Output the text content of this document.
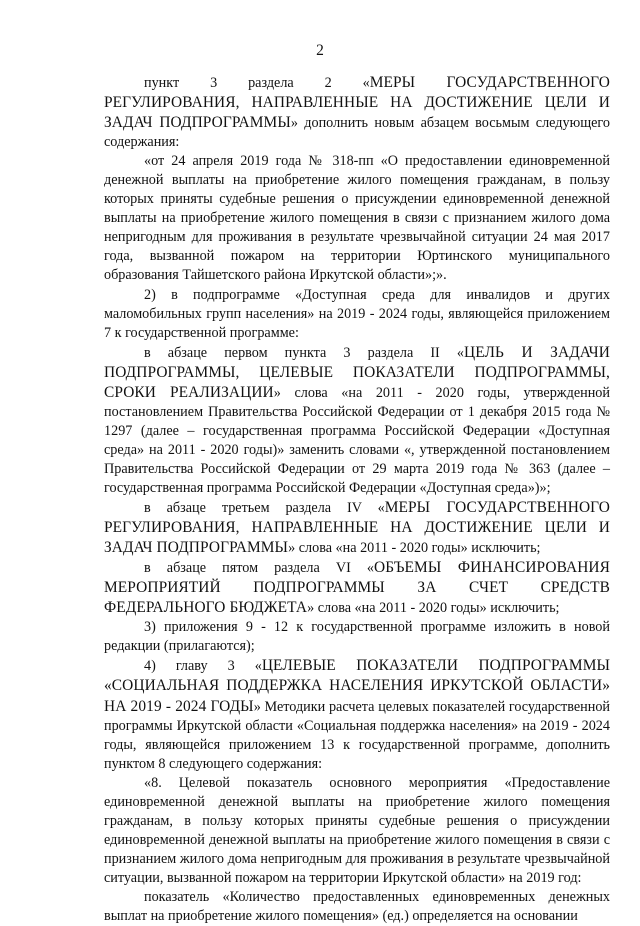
2

пункт 3 раздела 2 «МЕРЫ ГОСУДАРСТВЕННОГО РЕГУЛИРОВАНИЯ, НАПРАВЛЕННЫЕ НА ДОСТИЖЕНИЕ ЦЕЛИ И ЗАДАЧ ПОДПРОГРАММЫ» дополнить новым абзацем восьмым следующего содержания:

«от 24 апреля 2019 года № 318-пп «О предоставлении единовременной денежной выплаты на приобретение жилого помещения гражданам, в пользу которых приняты судебные решения о присуждении единовременной денежной выплаты на приобретение жилого помещения в связи с признанием жилого дома непригодным для проживания в результате чрезвычайной ситуации 24 мая 2017 года, вызванной пожаром на территории Юртинского муниципального образования Тайшетского района Иркутской области»;».

2) в подпрограмме «Доступная среда для инвалидов и других маломобильных групп населения» на 2019 - 2024 годы, являющейся приложением 7 к государственной программе:

в абзаце первом пункта 3 раздела II «ЦЕЛЬ И ЗАДАЧИ ПОДПРОГРАММЫ, ЦЕЛЕВЫЕ ПОКАЗАТЕЛИ ПОДПРОГРАММЫ, СРОКИ РЕАЛИЗАЦИИ» слова «на 2011 - 2020 годы, утвержденной постановлением Правительства Российской Федерации от 1 декабря 2015 года № 1297 (далее – государственная программа Российской Федерации «Доступная среда» на 2011 - 2020 годы)» заменить словами «, утвержденной постановлением Правительства Российской Федерации от 29 марта 2019 года № 363 (далее – государственная программа Российской Федерации «Доступная среда»)»;

в абзаце третьем раздела IV «МЕРЫ ГОСУДАРСТВЕННОГО РЕГУЛИРОВАНИЯ, НАПРАВЛЕННЫЕ НА ДОСТИЖЕНИЕ ЦЕЛИ И ЗАДАЧ ПОДПРОГРАММЫ» слова «на 2011 - 2020 годы» исключить;

в абзаце пятом раздела VI «ОБЪЕМЫ ФИНАНСИРОВАНИЯ МЕРОПРИЯТИЙ ПОДПРОГРАММЫ ЗА СЧЕТ СРЕДСТВ ФЕДЕРАЛЬНОГО БЮДЖЕТА» слова «на 2011 - 2020 годы» исключить;

3) приложения 9 - 12 к государственной программе изложить в новой редакции (прилагаются);

4) главу 3 «ЦЕЛЕВЫЕ ПОКАЗАТЕЛИ ПОДПРОГРАММЫ «СОЦИАЛЬНАЯ ПОДДЕРЖКА НАСЕЛЕНИЯ ИРКУТСКОЙ ОБЛАСТИ» НА 2019 - 2024 ГОДЫ» Методики расчета целевых показателей государственной программы Иркутской области «Социальная поддержка населения» на 2019 - 2024 годы, являющейся приложением 13 к государственной программе, дополнить пунктом 8 следующего содержания:

«8. Целевой показатель основного мероприятия «Предоставление единовременной денежной выплаты на приобретение жилого помещения гражданам, в пользу которых приняты судебные решения о присуждении единовременной денежной выплаты на приобретение жилого помещения в связи с признанием жилого дома непригодным для проживания в результате чрезвычайной ситуации, вызванной пожаром на территории Иркутской области» на 2019 год:

показатель «Количество предоставленных единовременных денежных выплат на приобретение жилого помещения» (ед.) определяется на основании
